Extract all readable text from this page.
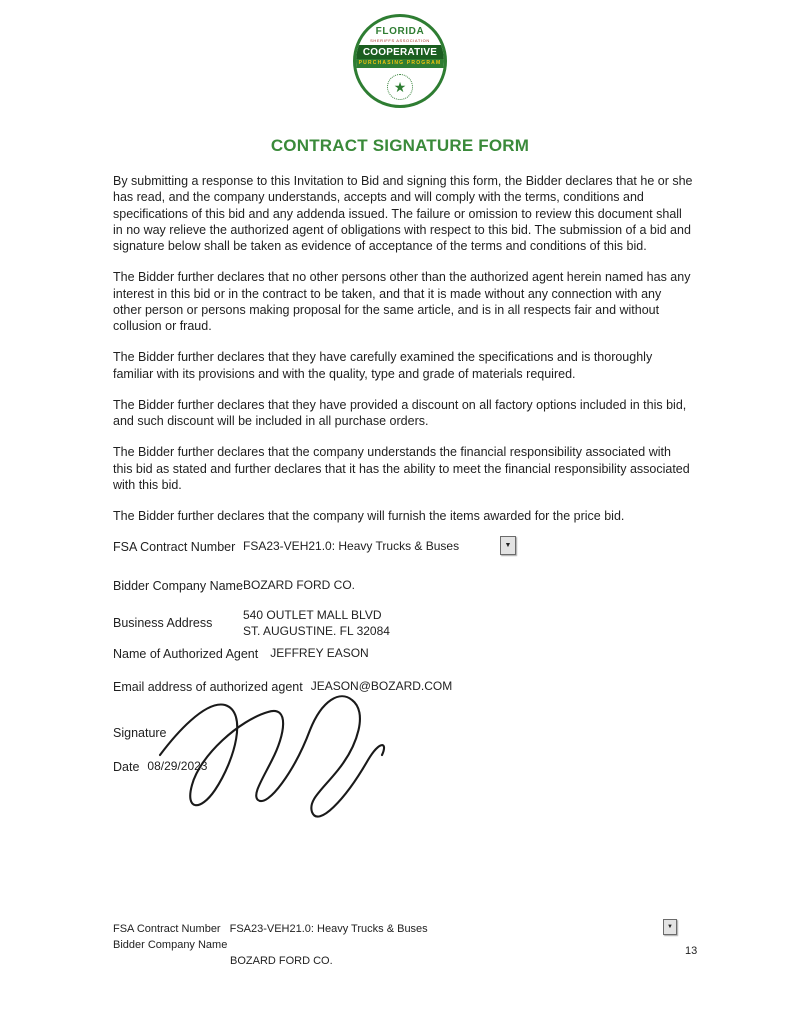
FLORIDA
SHERIFFS ASSOCIATION
COOPERATIVE
PURCHASING PROGRAM
★
CONTRACT SIGNATURE FORM

By submitting a response to this Invitation to Bid and signing this form, the Bidder declares that he or she has read, and the company understands, accepts and will comply with the terms, conditions and specifications of this bid and any addenda issued. The failure or omission to review this document shall in no way relieve the authorized agent of obligations with respect to this bid. The submission of a bid and signature below shall be taken as evidence of acceptance of the terms and conditions of this bid.

The Bidder further declares that no other persons other than the authorized agent herein named has any interest in this bid or in the contract to be taken, and that it is made without any connection with any other person or persons making proposal for the same article, and is in all respects fair and without collusion or fraud.

The Bidder further declares that they have carefully examined the specifications and is thoroughly familiar with its provisions and with the quality, type and grade of materials required.

The Bidder further declares that they have provided a discount on all factory options included in this bid, and such discount will be included in all purchase orders.

The Bidder further declares that the company understands the financial responsibility associated with this bid as stated and further declares that it has the ability to meet the financial responsibility associated with this bid.

The Bidder further declares that the company will furnish the items awarded for the price bid.

FSA Contract Number FSA23-VEH21.0: Heavy Trucks & Buses	▼
Bidder Company Name BOZARD FORD CO.
Business Address
540 OUTLET MALL BLVD
ST. AUGUSTINE. FL 32084
Name of Authorized Agent JEFFREY EASON
Email address of authorized agent JEASON@BOZARD.COM
Signature
Date 08/29/2023
FSA Contract Number FSA23-VEH21.0: Heavy Trucks & Buses
Bidder Company Name
BOZARD FORD CO.
▼
13
